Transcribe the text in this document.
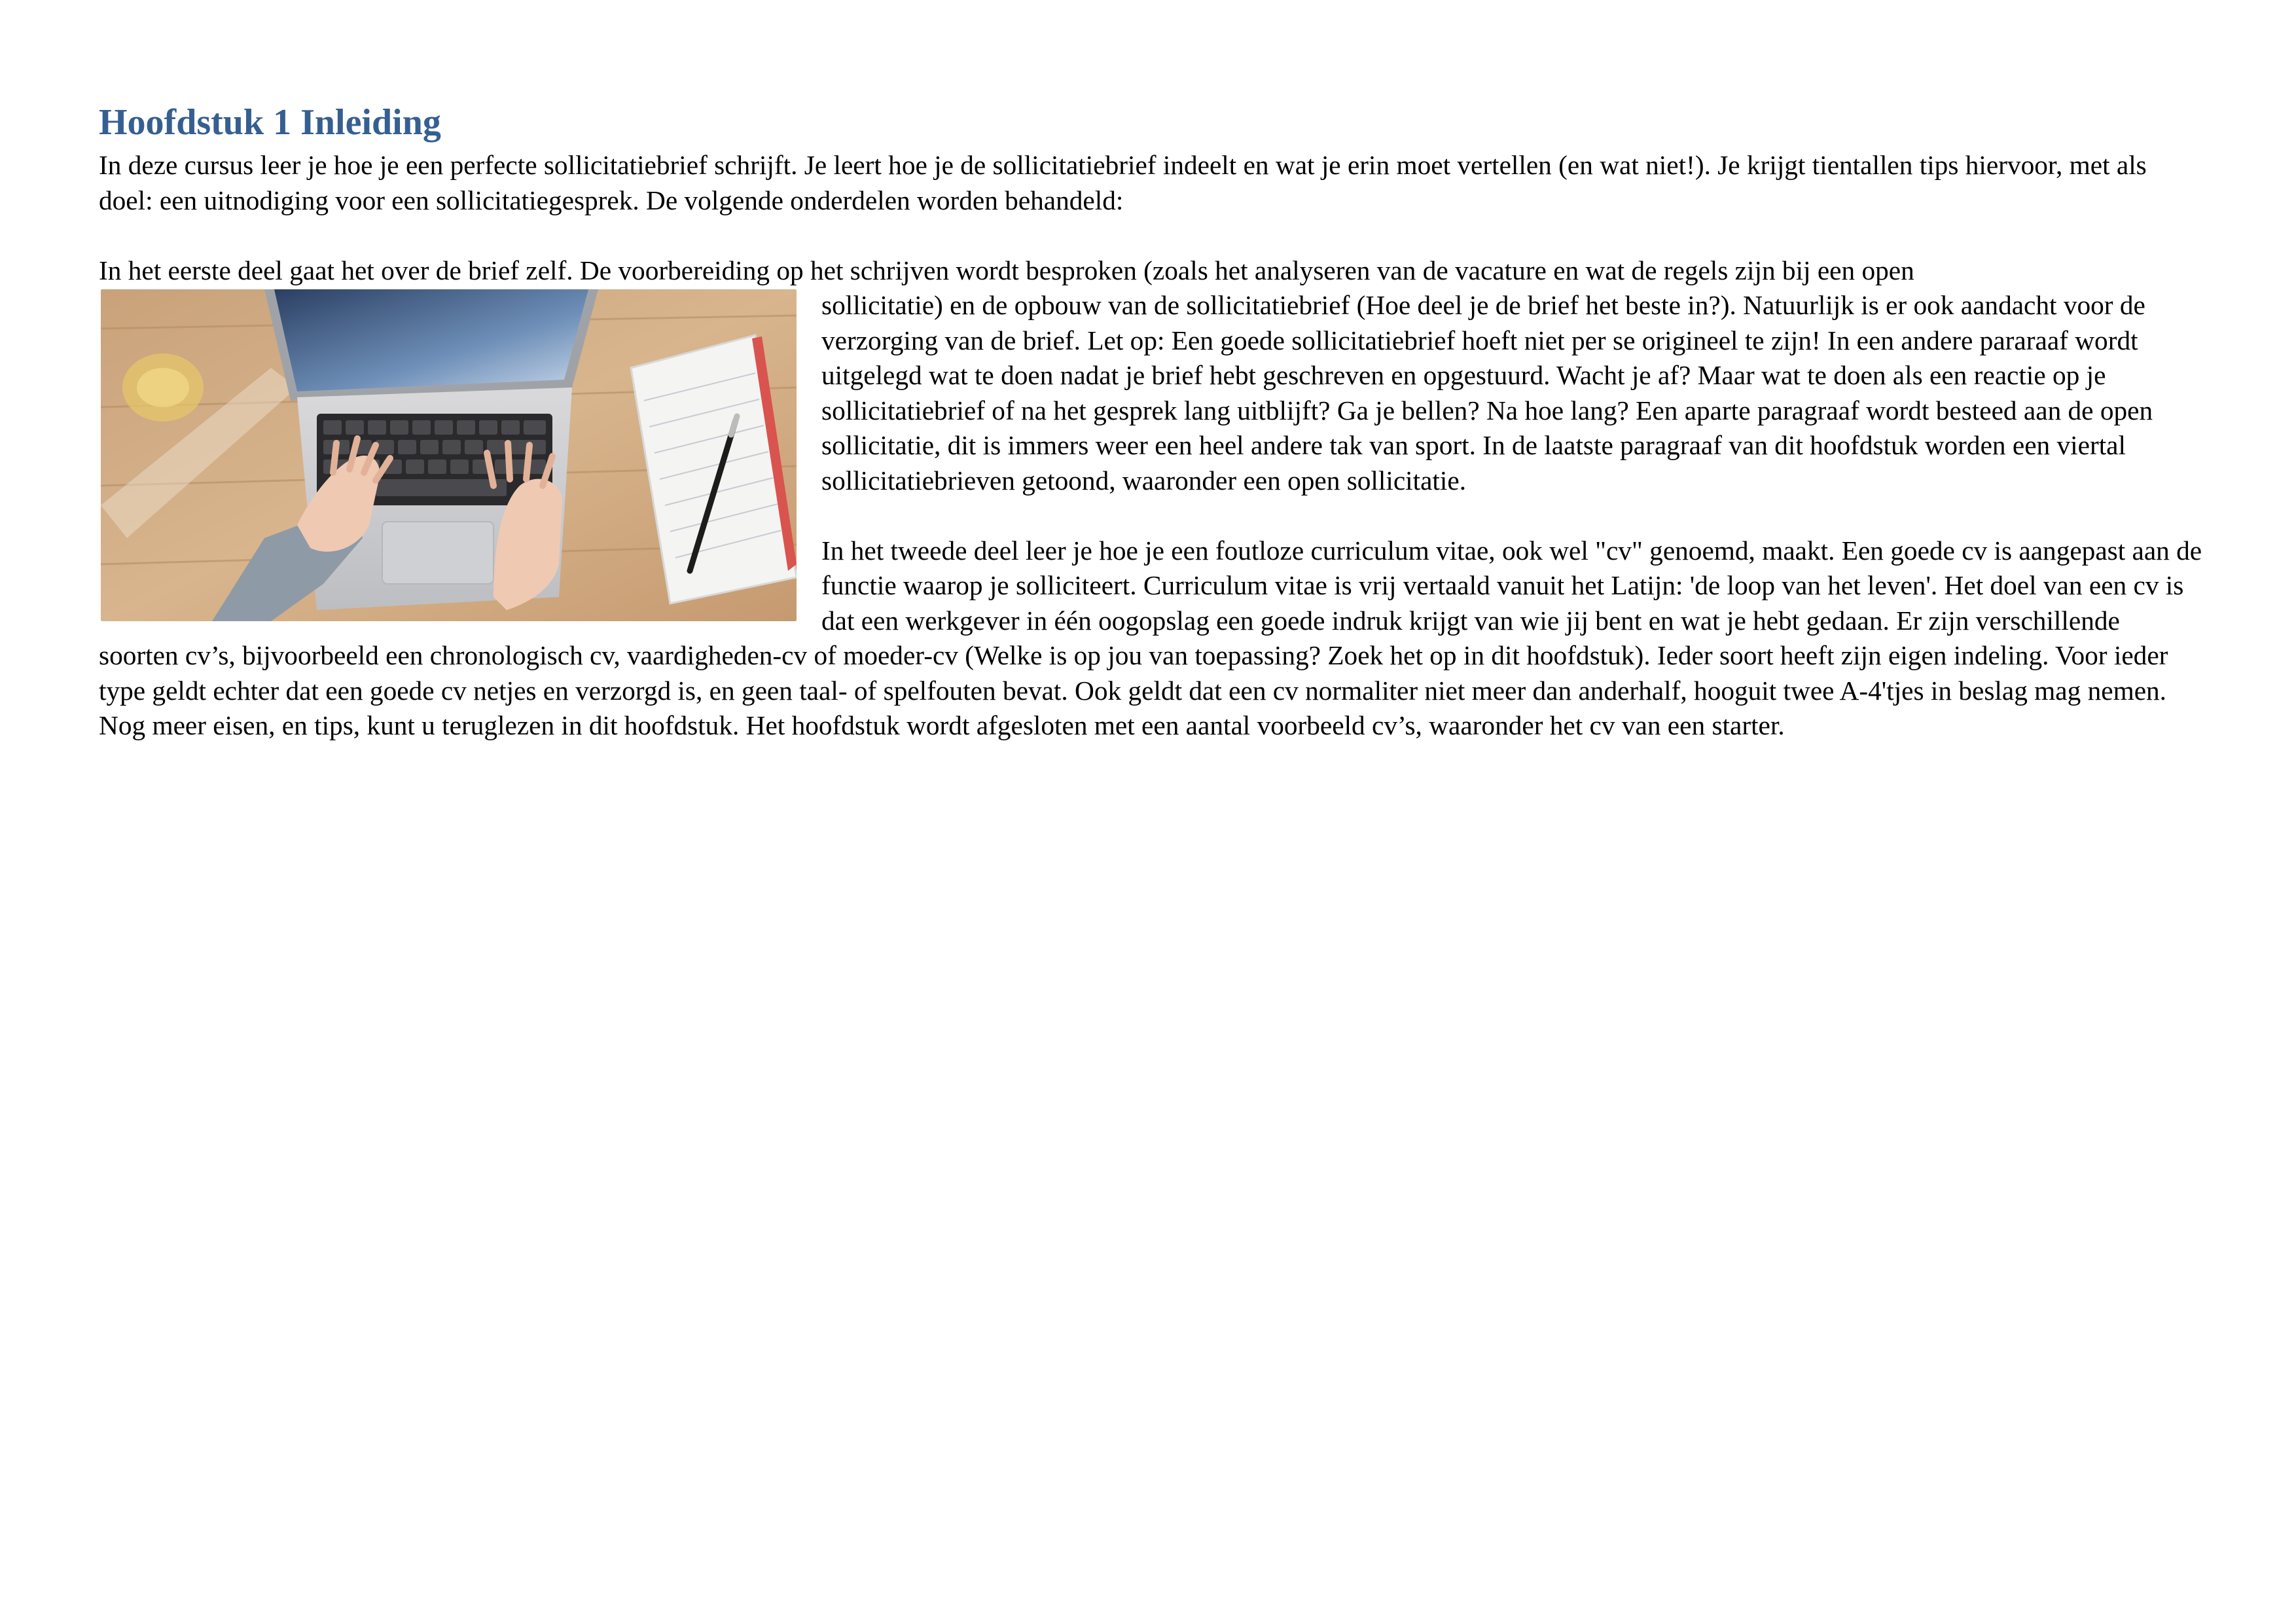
Hoofdstuk 1 Inleiding

In deze cursus leer je hoe je een perfecte sollicitatiebrief schrijft. Je leert hoe je de sollicitatiebrief indeelt en wat je erin moet vertellen (en wat niet!). Je krijgt tientallen tips hiervoor, met als doel: een uitnodiging voor een sollicitatiegesprek. De volgende onderdelen worden behandeld:

In het eerste deel gaat het over de brief zelf. De voorbereiding op het schrijven wordt besproken (zoals het analyseren van de vacature en wat de regels zijn bij een open

sollicitatie) en de opbouw van de sollicitatiebrief (Hoe deel je de brief het beste in?). Natuurlijk is er ook aandacht voor de verzorging van de brief. Let op: Een goede sollicitatiebrief hoeft niet per se origineel te zijn! In een andere pararaaf wordt uitgelegd wat te doen nadat je brief hebt geschreven en opgestuurd. Wacht je af? Maar wat te doen als een reactie op je sollicitatiebrief of na het gesprek lang uitblijft? Ga je bellen? Na hoe lang? Een aparte paragraaf wordt besteed aan de open sollicitatie, dit is immers weer een heel andere tak van sport. In de laatste paragraaf van dit hoofdstuk worden een viertal sollicitatiebrieven getoond, waaronder een open sollicitatie.

In het tweede deel leer je hoe je een foutloze curriculum vitae, ook wel "cv" genoemd, maakt. Een goede cv is aangepast aan de functie waarop je solliciteert. Curriculum vitae is vrij vertaald vanuit het Latijn: 'de loop van het leven'. Het doel van een cv is dat een werkgever in één oogopslag een goede indruk krijgt van wie jij bent en wat je hebt gedaan. Er zijn verschillende soorten cv’s, bijvoorbeeld een chronologisch cv, vaardigheden-cv of moeder-cv (Welke is op jou van toepassing? Zoek het op in dit hoofdstuk). Ieder soort heeft zijn eigen indeling. Voor ieder type geldt echter dat een goede cv netjes en verzorgd is, en geen taal- of spelfouten bevat. Ook geldt dat een cv normaliter niet meer dan anderhalf, hooguit twee A-4'tjes in beslag mag nemen. Nog meer eisen, en tips, kunt u teruglezen in dit hoofdstuk. Het hoofdstuk wordt afgesloten met een aantal voorbeeld cv’s, waaronder het cv van een starter.
